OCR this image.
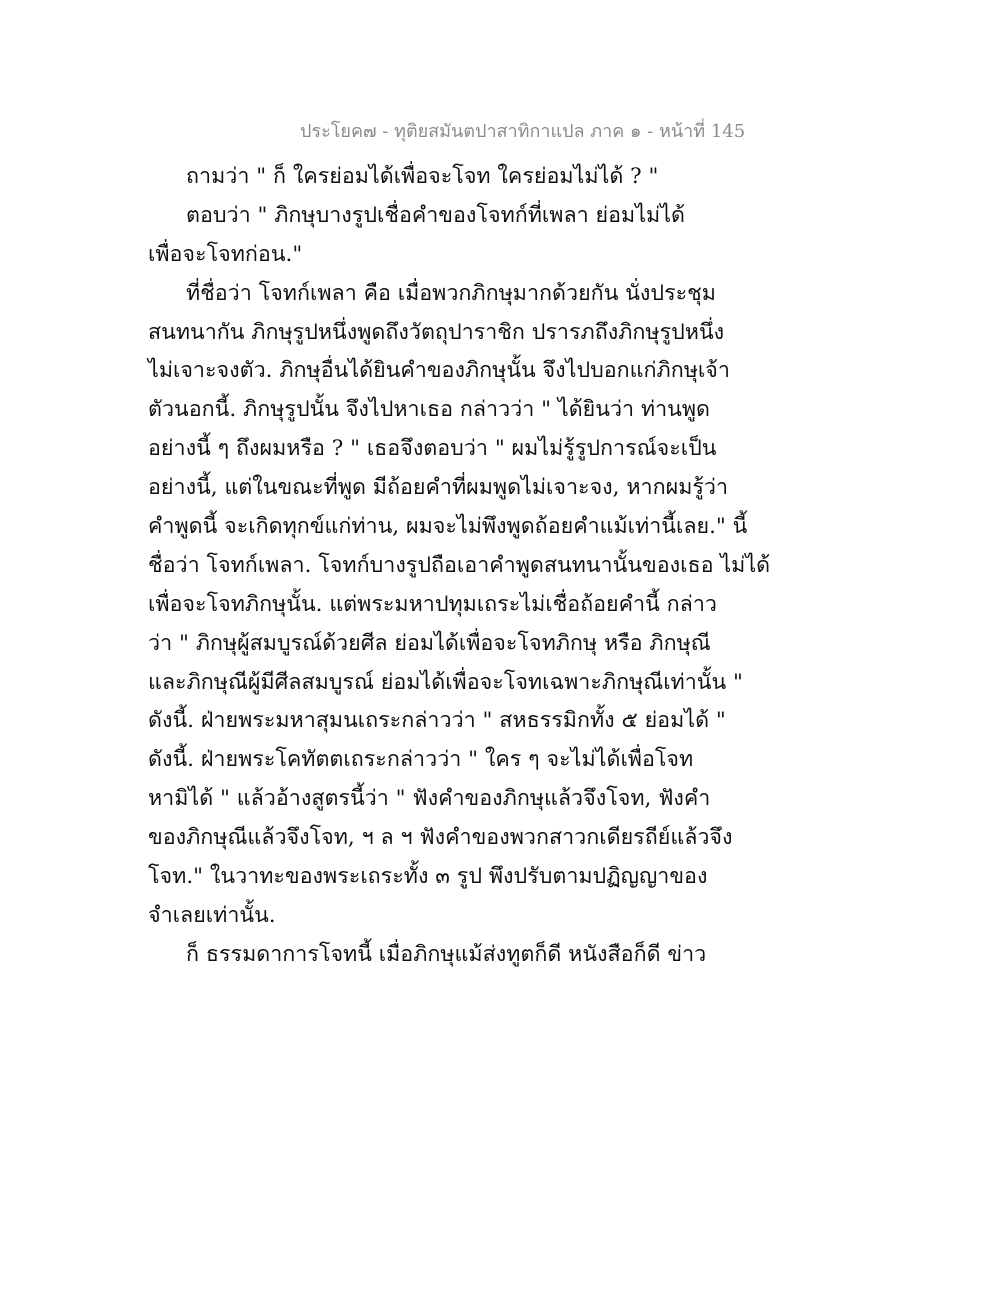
ประโยค๗ - ทุติยสมันตปาสาทิกาแปล ภาค ๑ - หน้าที่ 145
ถามว่า " ก็ ใครย่อมได้เพื่อจะโจท ใครย่อมไม่ได้ ? "
ตอบว่า " ภิกษุบางรูปเชื่อคำของโจทก์ที่เพลา ย่อมไม่ได้
เพื่อจะโจทก่อน."
ที่ชื่อว่า โจทก์เพลา คือ เมื่อพวกภิกษุมากด้วยกัน นั่งประชุม
สนทนากัน ภิกษุรูปหนึ่งพูดถึงวัตถุปาราชิก ปรารภถึงภิกษุรูปหนึ่ง
ไม่เจาะจงตัว. ภิกษุอื่นได้ยินคำของภิกษุนั้น จึงไปบอกแก่ภิกษุเจ้า
ตัวนอกนี้. ภิกษุรูปนั้น จึงไปหาเธอ กล่าวว่า " ได้ยินว่า ท่านพูด
อย่างนี้ ๆ ถึงผมหรือ ? " เธอจึงตอบว่า " ผมไม่รู้รูปการณ์จะเป็น
อย่างนี้, แต่ในขณะที่พูด มีถ้อยคำที่ผมพูดไม่เจาะจง, หากผมรู้ว่า
คำพูดนี้ จะเกิดทุกข์แก่ท่าน, ผมจะไม่พึงพูดถ้อยคำแม้เท่านี้เลย." นี้
ชื่อว่า โจทก์เพลา. โจทก์บางรูปถือเอาคำพูดสนทนานั้นของเธอ ไม่ได้
เพื่อจะโจทภิกษุนั้น. แต่พระมหาปทุมเถระไม่เชื่อถ้อยคำนี้ กล่าว
ว่า " ภิกษุผู้สมบูรณ์ด้วยศีล ย่อมได้เพื่อจะโจทภิกษุ หรือ ภิกษุณี
และภิกษุณีผู้มีศีลสมบูรณ์ ย่อมได้เพื่อจะโจทเฉพาะภิกษุณีเท่านั้น "
ดังนี้. ฝ่ายพระมหาสุมนเถระกล่าวว่า " สหธรรมิกทั้ง ๕ ย่อมได้ "
ดังนี้. ฝ่ายพระโคทัตตเถระกล่าวว่า " ใคร ๆ จะไม่ได้เพื่อโจท
หามิได้ " แล้วอ้างสูตรนี้ว่า " ฟังคำของภิกษุแล้วจึงโจท, ฟังคำ
ของภิกษุณีแล้วจึงโจท, ฯ ล ฯ ฟังคำของพวกสาวกเดียรถีย์แล้วจึง
โจท." ในวาทะของพระเถระทั้ง ๓ รูป พึงปรับตามปฏิญญาของ
จำเลยเท่านั้น.
ก็ ธรรมดาการโจทนี้ เมื่อภิกษุแม้ส่งทูตก็ดี หนังสือก็ดี ข่าว
